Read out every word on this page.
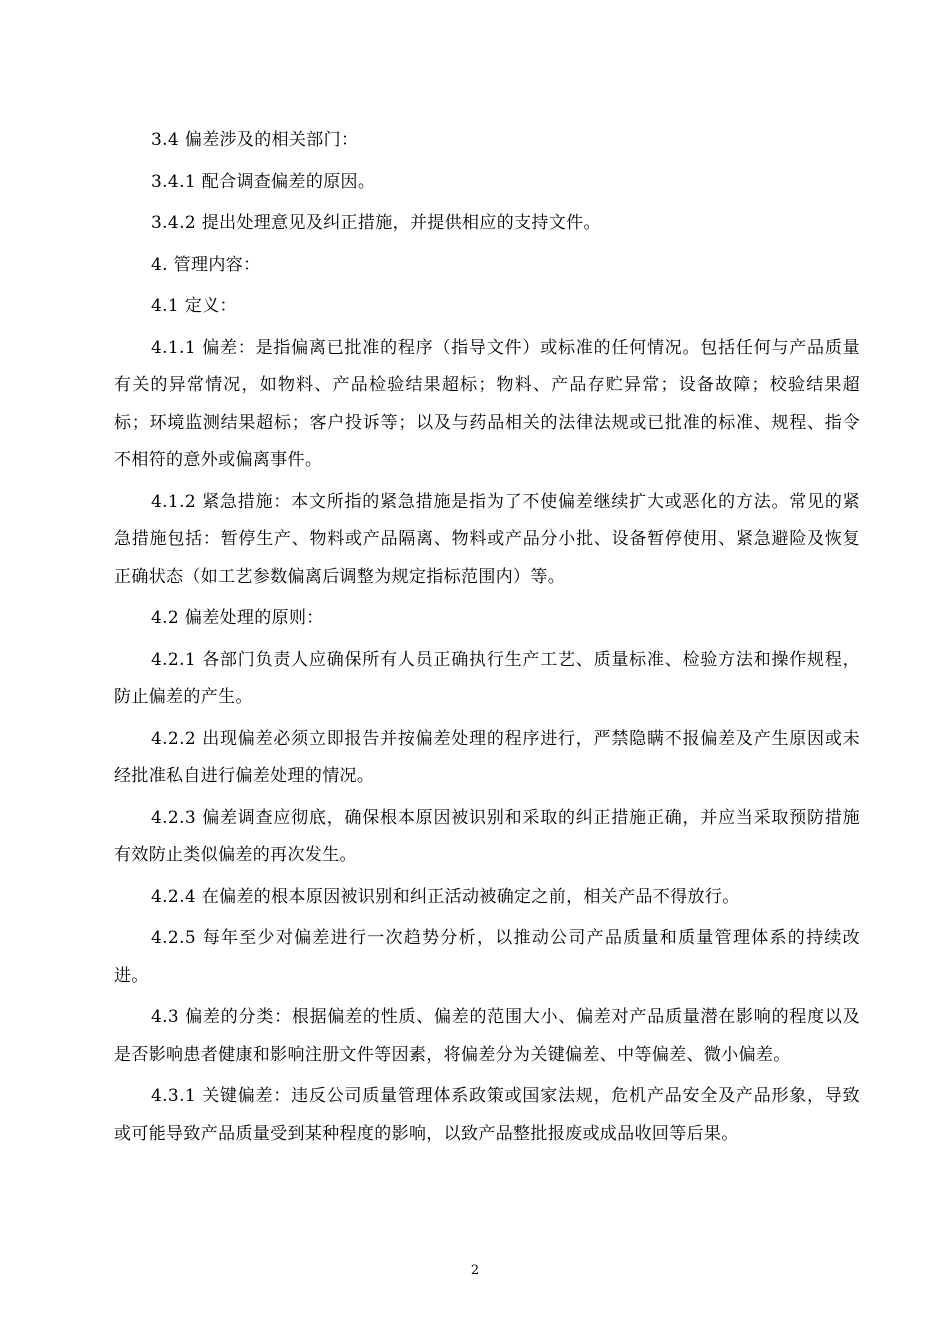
3.4 偏差涉及的相关部门：

3.4.1 配合调查偏差的原因。

3.4.2 提出处理意见及纠正措施，并提供相应的支持文件。

4. 管理内容：

4.1 定义：

4.1.1 偏差：是指偏离已批准的程序（指导文件）或标准的任何情况。包括任何与产品质量有关的异常情况，如物料、产品检验结果超标；物料、产品存贮异常；设备故障；校验结果超标；环境监测结果超标；客户投诉等；以及与药品相关的法律法规或已批准的标准、规程、指令不相符的意外或偏离事件。

4.1.2 紧急措施：本文所指的紧急措施是指为了不使偏差继续扩大或恶化的方法。常见的紧急措施包括：暂停生产、物料或产品隔离、物料或产品分小批、设备暂停使用、紧急避险及恢复正确状态（如工艺参数偏离后调整为规定指标范围内）等。

4.2 偏差处理的原则：

4.2.1 各部门负责人应确保所有人员正确执行生产工艺、质量标准、检验方法和操作规程，防止偏差的产生。

4.2.2 出现偏差必须立即报告并按偏差处理的程序进行，严禁隐瞒不报偏差及产生原因或未经批准私自进行偏差处理的情况。

4.2.3 偏差调查应彻底，确保根本原因被识别和采取的纠正措施正确，并应当采取预防措施有效防止类似偏差的再次发生。

4.2.4 在偏差的根本原因被识别和纠正活动被确定之前，相关产品不得放行。

4.2.5 每年至少对偏差进行一次趋势分析，以推动公司产品质量和质量管理体系的持续改进。

4.3 偏差的分类：根据偏差的性质、偏差的范围大小、偏差对产品质量潜在影响的程度以及是否影响患者健康和影响注册文件等因素，将偏差分为关键偏差、中等偏差、微小偏差。

4.3.1 关键偏差：违反公司质量管理体系政策或国家法规，危机产品安全及产品形象，导致或可能导致产品质量受到某种程度的影响，以致产品整批报废或成品收回等后果。

2
